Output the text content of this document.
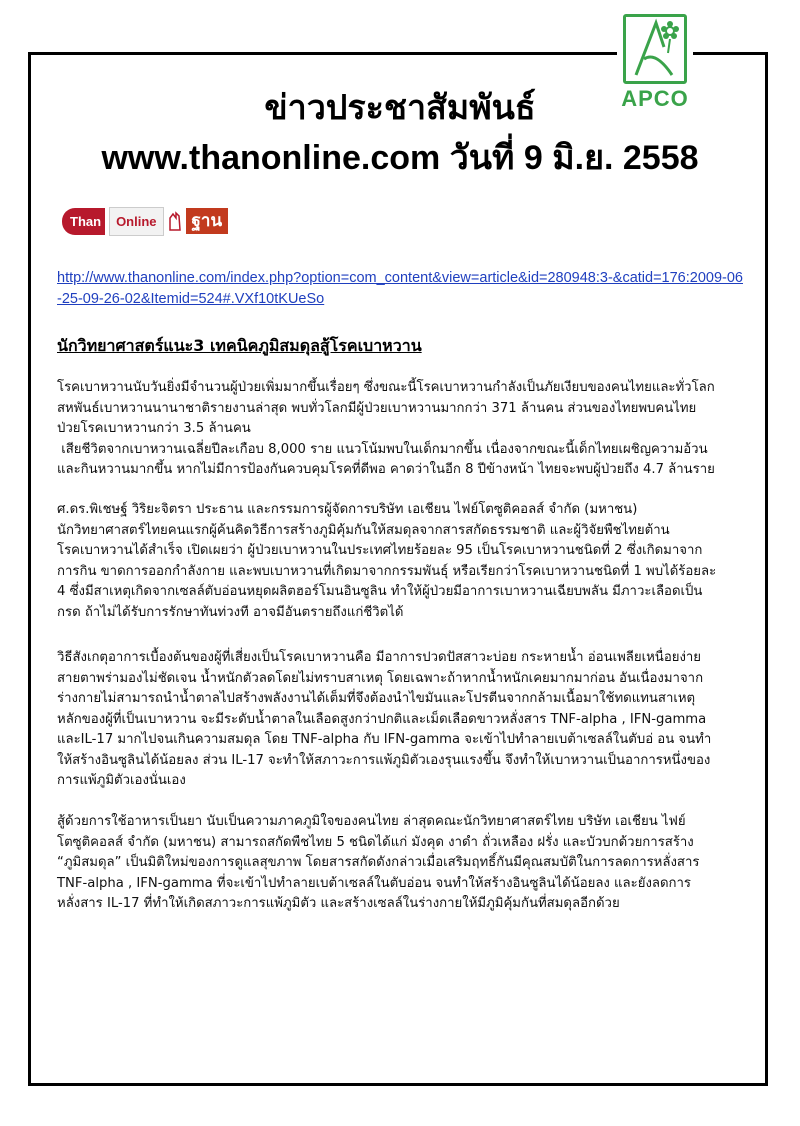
APCO
ข่าวประชาสัมพันธ์
www.thanonline.com วันที่ 9 มิ.ย. 2558
Than	Online	ฐาน
http://www.thanonline.com/index.php?option=com_content&view=article&id=280948:3-&catid=176:2009-06-25-09-26-02&Itemid=524#.VXf10tKUeSo
นักวิทยาศาสตร์แนะ3 เทคนิคภูมิสมดุลสู้โรคเบาหวาน

โรคเบาหวานนับวันยิ่งมีจำนวนผู้ป่วยเพิ่มมากขึ้นเรื่อยๆ ซึ่งขณะนี้โรคเบาหวานกำลังเป็นภัยเงียบของคนไทยและทั่วโลก

สหพันธ์เบาหวานนานาชาติรายงานล่าสุด พบทั่วโลกมีผู้ป่วยเบาหวานมากกว่า 371 ล้านคน ส่วนของไทยพบคนไทย

ป่วยโรคเบาหวานกว่า 3.5 ล้านคน

เสียชีวิตจากเบาหวานเฉลี่ยปีละเกือบ 8,000 ราย แนวโน้มพบในเด็กมากขึ้น เนื่องจากขณะนี้เด็กไทยเผชิญความอ้วน

และกินหวานมากขึ้น หากไม่มีการป้องกันควบคุมโรคที่ดีพอ คาดว่าในอีก 8 ปีข้างหน้า ไทยจะพบผู้ป่วยถึง 4.7 ล้านราย

ศ.ดร.พิเชษฐ์ วิริยะจิตรา ประธาน และกรรมการผู้จัดการบริษัท เอเชียน ไฟย์โตซูติคอลส์ จำกัด (มหาชน)

นักวิทยาศาสตร์ไทยคนแรกผู้ค้นคิดวิธีการสร้างภูมิคุ้มกันให้สมดุลจากสารสกัดธรรมชาติ และผู้วิจัยพืชไทยต้าน

โรคเบาหวานได้สำเร็จ เปิดเผยว่า ผู้ป่วยเบาหวานในประเทศไทยร้อยละ 95 เป็นโรคเบาหวานชนิดที่ 2 ซึ่งเกิดมาจาก

การกิน ขาดการออกกำลังกาย และพบเบาหวานที่เกิดมาจากกรรมพันธุ์ หรือเรียกว่าโรคเบาหวานชนิดที่ 1 พบได้ร้อยละ

4 ซึ่งมีสาเหตุเกิดจากเซลล์ตับอ่อนหยุดผลิตฮอร์โมนอินซูลิน ทำให้ผู้ป่วยมีอาการเบาหวานเฉียบพลัน มีภาวะเลือดเป็น

กรด ถ้าไม่ได้รับการรักษาทันท่วงที อาจมีอันตรายถึงแก่ชีวิตได้

วิธีสังเกตุอาการเบื้องต้นของผู้ที่เสี่ยงเป็นโรคเบาหวานคือ มีอาการปวดปัสสาวะบ่อย กระหายน้ำ อ่อนเพลียเหนื่อยง่าย

สายตาพร่ามองไม่ชัดเจน น้ำหนักตัวลดโดยไม่ทราบสาเหตุ โดยเฉพาะถ้าหากน้ำหนักเคยมากมาก่อน อันเนื่องมาจาก

ร่างกายไม่สามารถนำน้ำตาลไปสร้างพลังงานได้เต็มที่จึงต้องนำไขมันและโปรตีนจากกล้ามเนื้อมาใช้ทดแทนสาเหตุ

หลักของผู้ที่เป็นเบาหวาน จะมีระดับน้ำตาลในเลือดสูงกว่าปกติและเม็ดเลือดขาวหลั่งสาร TNF-alpha , IFN-gamma

และIL-17 มากไปจนเกินความสมดุล โดย TNF-alpha กับ IFN-gamma จะเข้าไปทำลายเบต้าเซลล์ในตับอ่ อน จนทำ

ให้สร้างอินซูลินได้น้อยลง ส่วน IL-17 จะทำให้สภาวะการแพ้ภูมิตัวเองรุนแรงขึ้น จึงทำให้เบาหวานเป็นอาการหนึ่งของ

การแพ้ภูมิตัวเองนั่นเอง

สู้ด้วยการใช้อาหารเป็นยา นับเป็นความภาคภูมิใจของคนไทย ล่าสุดคณะนักวิทยาศาสตร์ไทย บริษัท เอเชียน ไฟย์

โตซูติคอลส์ จำกัด (มหาชน) สามารถสกัดพืชไทย 5 ชนิดได้แก่ มังคุด งาดำ ถั่วเหลือง ฝรั่ง และบัวบกด้วยการสร้าง

“ภูมิสมดุล” เป็นมิติใหม่ของการดูแลสุขภาพ โดยสารสกัดดังกล่าวเมื่อเสริมฤทธิ์กันมีคุณสมบัติในการลดการหลั่งสาร

TNF-alpha , IFN-gamma ที่จะเข้าไปทำลายเบต้าเซลล์ในตับอ่อน จนทำให้สร้างอินซูลินได้น้อยลง และยังลดการ

หลั่งสาร IL-17 ที่ทำให้เกิดสภาวะการแพ้ภูมิตัว และสร้างเซลล์ในร่างกายให้มีภูมิคุ้มกันที่สมดุลอีกด้วย
